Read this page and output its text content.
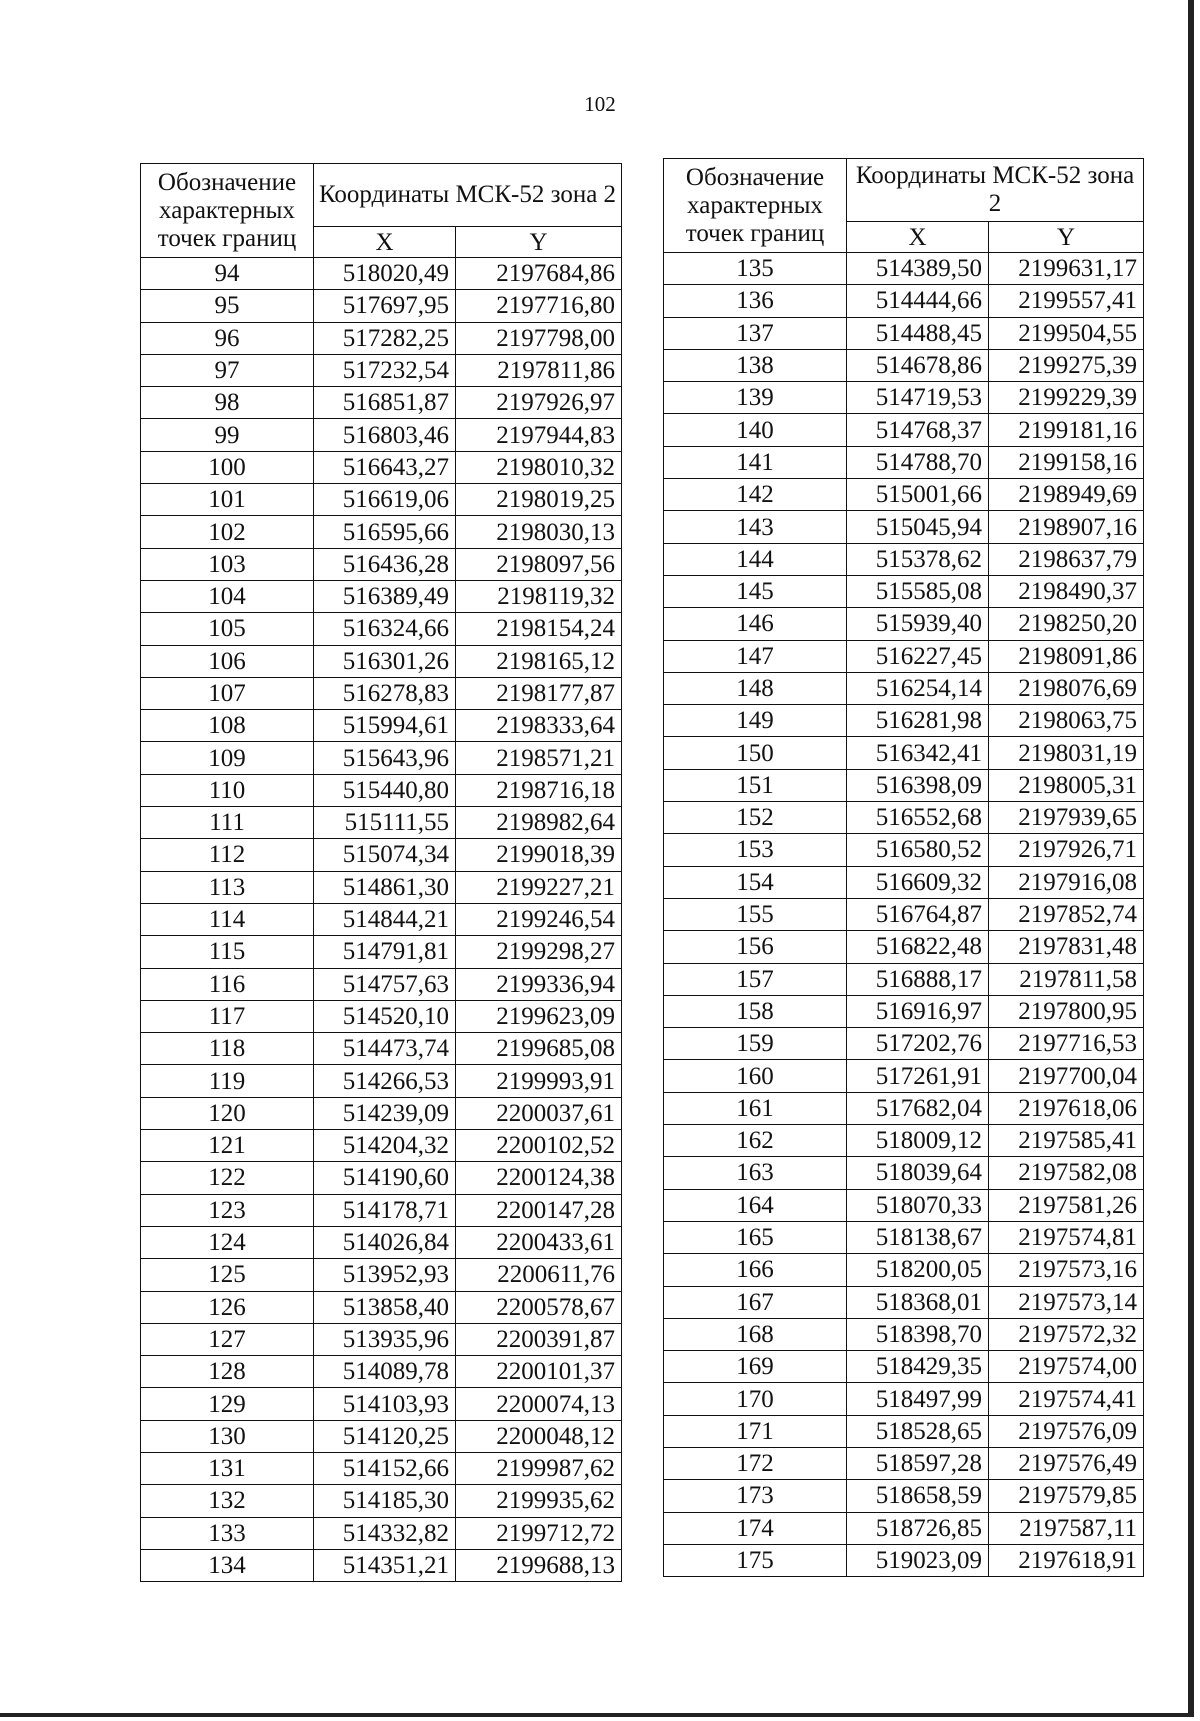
102
Обозначение характерных точек границ	Координаты МСК-52 зона 2	
	X	Y
94	518020,49	2197684,86
95	517697,95	2197716,80
96	517282,25	2197798,00
97	517232,54	2197811,86
98	516851,87	2197926,97
99	516803,46	2197944,83
100	516643,27	2198010,32
101	516619,06	2198019,25
102	516595,66	2198030,13
103	516436,28	2198097,56
104	516389,49	2198119,32
105	516324,66	2198154,24
106	516301,26	2198165,12
107	516278,83	2198177,87
108	515994,61	2198333,64
109	515643,96	2198571,21
110	515440,80	2198716,18
111	515111,55	2198982,64
112	515074,34	2199018,39
113	514861,30	2199227,21
114	514844,21	2199246,54
115	514791,81	2199298,27
116	514757,63	2199336,94
117	514520,10	2199623,09
118	514473,74	2199685,08
119	514266,53	2199993,91
120	514239,09	2200037,61
121	514204,32	2200102,52
122	514190,60	2200124,38
123	514178,71	2200147,28
124	514026,84	2200433,61
125	513952,93	2200611,76
126	513858,40	2200578,67
127	513935,96	2200391,87
128	514089,78	2200101,37
129	514103,93	2200074,13
130	514120,25	2200048,12
131	514152,66	2199987,62
132	514185,30	2199935,62
133	514332,82	2199712,72
134	514351,21	2199688,13
Обозначение характерных точек границ	Координаты МСК-52 зона 2	
	X	Y
135	514389,50	2199631,17
136	514444,66	2199557,41
137	514488,45	2199504,55
138	514678,86	2199275,39
139	514719,53	2199229,39
140	514768,37	2199181,16
141	514788,70	2199158,16
142	515001,66	2198949,69
143	515045,94	2198907,16
144	515378,62	2198637,79
145	515585,08	2198490,37
146	515939,40	2198250,20
147	516227,45	2198091,86
148	516254,14	2198076,69
149	516281,98	2198063,75
150	516342,41	2198031,19
151	516398,09	2198005,31
152	516552,68	2197939,65
153	516580,52	2197926,71
154	516609,32	2197916,08
155	516764,87	2197852,74
156	516822,48	2197831,48
157	516888,17	2197811,58
158	516916,97	2197800,95
159	517202,76	2197716,53
160	517261,91	2197700,04
161	517682,04	2197618,06
162	518009,12	2197585,41
163	518039,64	2197582,08
164	518070,33	2197581,26
165	518138,67	2197574,81
166	518200,05	2197573,16
167	518368,01	2197573,14
168	518398,70	2197572,32
169	518429,35	2197574,00
170	518497,99	2197574,41
171	518528,65	2197576,09
172	518597,28	2197576,49
173	518658,59	2197579,85
174	518726,85	2197587,11
175	519023,09	2197618,91
